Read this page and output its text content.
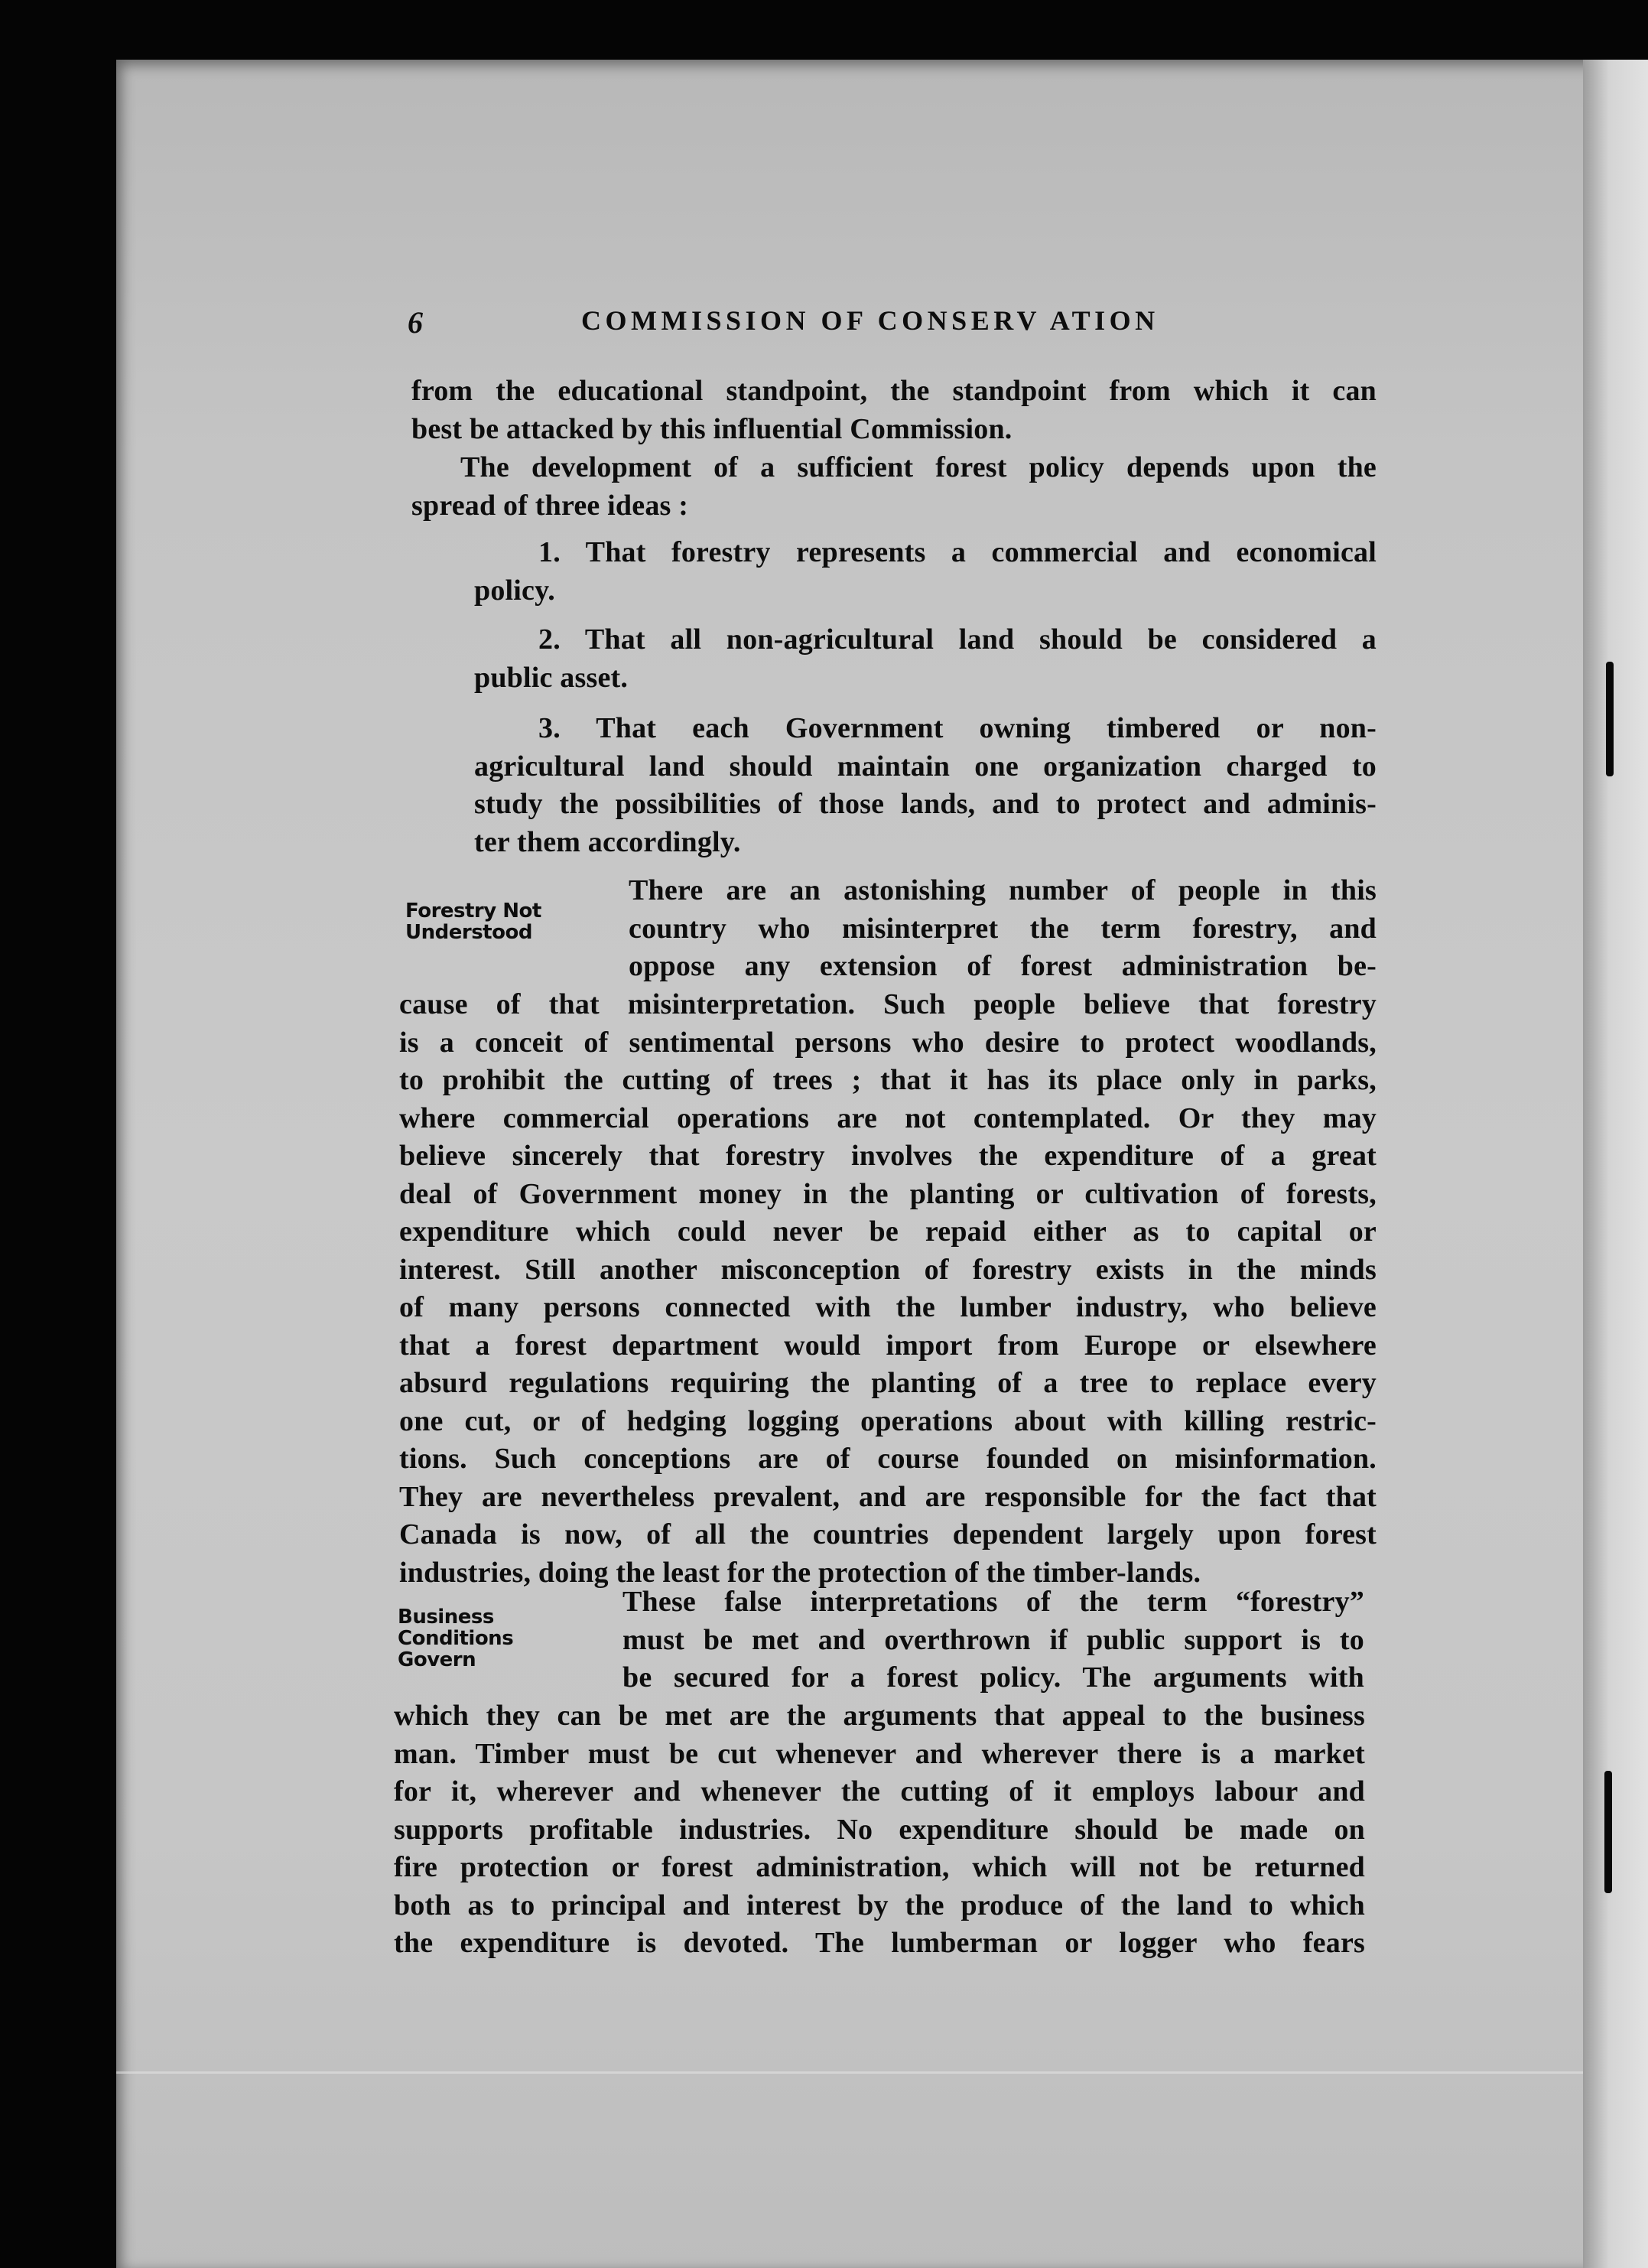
6	COMMISSION OF CONSERV ATION
from the educational standpoint, the standpoint from which it can
best be attacked by this influential Commission.
The development of a sufficient forest policy depends upon the
spread of three ideas :
1. That forestry represents a commercial and economical
policy.
2. That all non-agricultural land should be considered a
public asset.
3. That each Government owning timbered or non-
agricultural land should maintain one organization charged to
study the possibilities of those lands, and to protect and adminis-
ter them accordingly.
Forestry Not
Understood
There are an astonishing number of people in this
country who misinterpret the term forestry, and
oppose any extension of forest administration be-
cause of that misinterpretation. Such people believe that forestry
is a conceit of sentimental persons who desire to protect woodlands,
to prohibit the cutting of trees ; that it has its place only in parks,
where commercial operations are not contemplated. Or they may
believe sincerely that forestry involves the expenditure of a great
deal of Government money in the planting or cultivation of forests,
expenditure which could never be repaid either as to capital or
interest. Still another misconception of forestry exists in the minds
of many persons connected with the lumber industry, who believe
that a forest department would import from Europe or elsewhere
absurd regulations requiring the planting of a tree to replace every
one cut, or of hedging logging operations about with killing restric-
tions. Such conceptions are of course founded on misinformation.
They are nevertheless prevalent, and are responsible for the fact that
Canada is now, of all the countries dependent largely upon forest
industries, doing the least for the protection of the timber-lands.
Business
Conditions
Govern
These false interpretations of the term “forestry”
must be met and overthrown if public support is to
be secured for a forest policy. The arguments with
which they can be met are the arguments that appeal to the business
man. Timber must be cut whenever and wherever there is a market
for it, wherever and whenever the cutting of it employs labour and
supports profitable industries. No expenditure should be made on
fire protection or forest administration, which will not be returned
both as to principal and interest by the produce of the land to which
the expenditure is devoted. The lumberman or logger who fears
